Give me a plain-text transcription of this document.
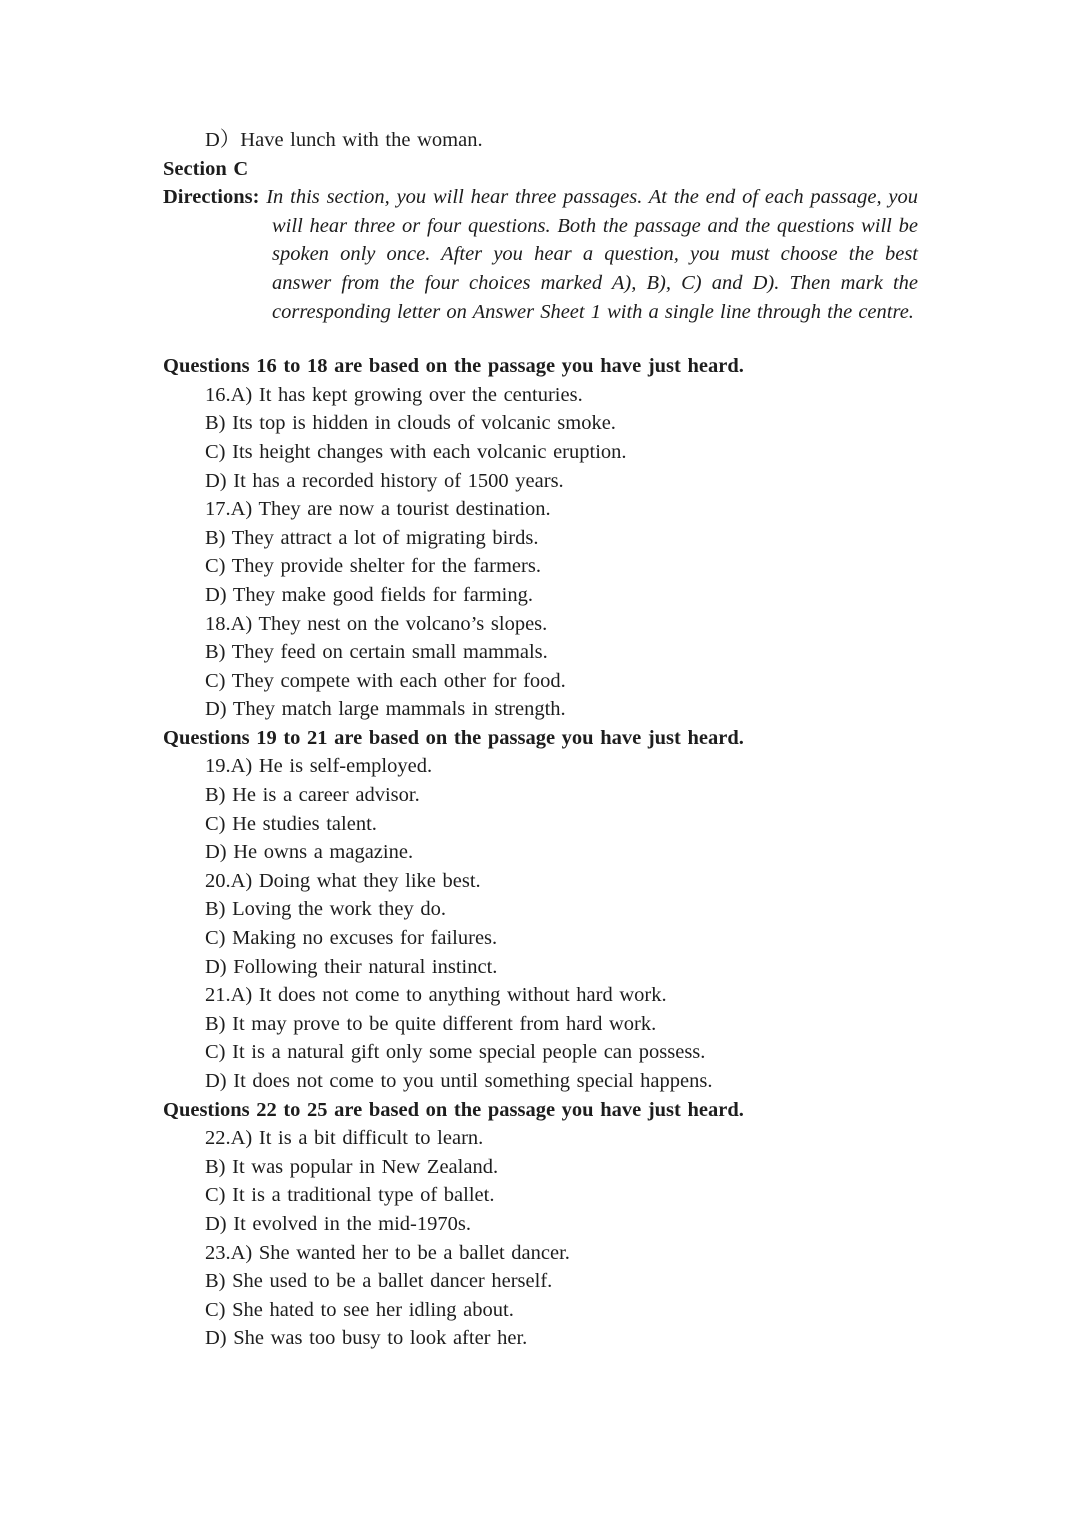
D）Have lunch with the woman.
Section C
Directions: In this section, you will hear three passages. At the end of each passage, you will hear three or four questions. Both the passage and the questions will be spoken only once. After you hear a question, you must choose the best answer from the four choices marked A), B), C) and D). Then mark the corresponding letter on Answer Sheet 1 with a single line through the centre.
Questions 16 to 18 are based on the passage you have just heard.
16.A) It has kept growing over the centuries.
B) Its top is hidden in clouds of volcanic smoke.
C) Its height changes with each volcanic eruption.
D) It has a recorded history of 1500 years.
17.A) They are now a tourist destination.
B) They attract a lot of migrating birds.
C) They provide shelter for the farmers.
D) They make good fields for farming.
18.A) They nest on the volcano’s slopes.
B) They feed on certain small mammals.
C) They compete with each other for food.
D) They match large mammals in strength.
Questions 19 to 21 are based on the passage you have just heard.
19.A) He is self-employed.
B) He is a career advisor.
C) He studies talent.
D) He owns a magazine.
20.A) Doing what they like best.
B) Loving the work they do.
C) Making no excuses for failures.
D) Following their natural instinct.
21.A) It does not come to anything without hard work.
B) It may prove to be quite different from hard work.
C) It is a natural gift only some special people can possess.
D) It does not come to you until something special happens.
Questions 22 to 25 are based on the passage you have just heard.
22.A) It is a bit difficult to learn.
B) It was popular in New Zealand.
C) It is a traditional type of ballet.
D) It evolved in the mid-1970s.
23.A) She wanted her to be a ballet dancer.
B) She used to be a ballet dancer herself.
C) She hated to see her idling about.
D) She was too busy to look after her.
